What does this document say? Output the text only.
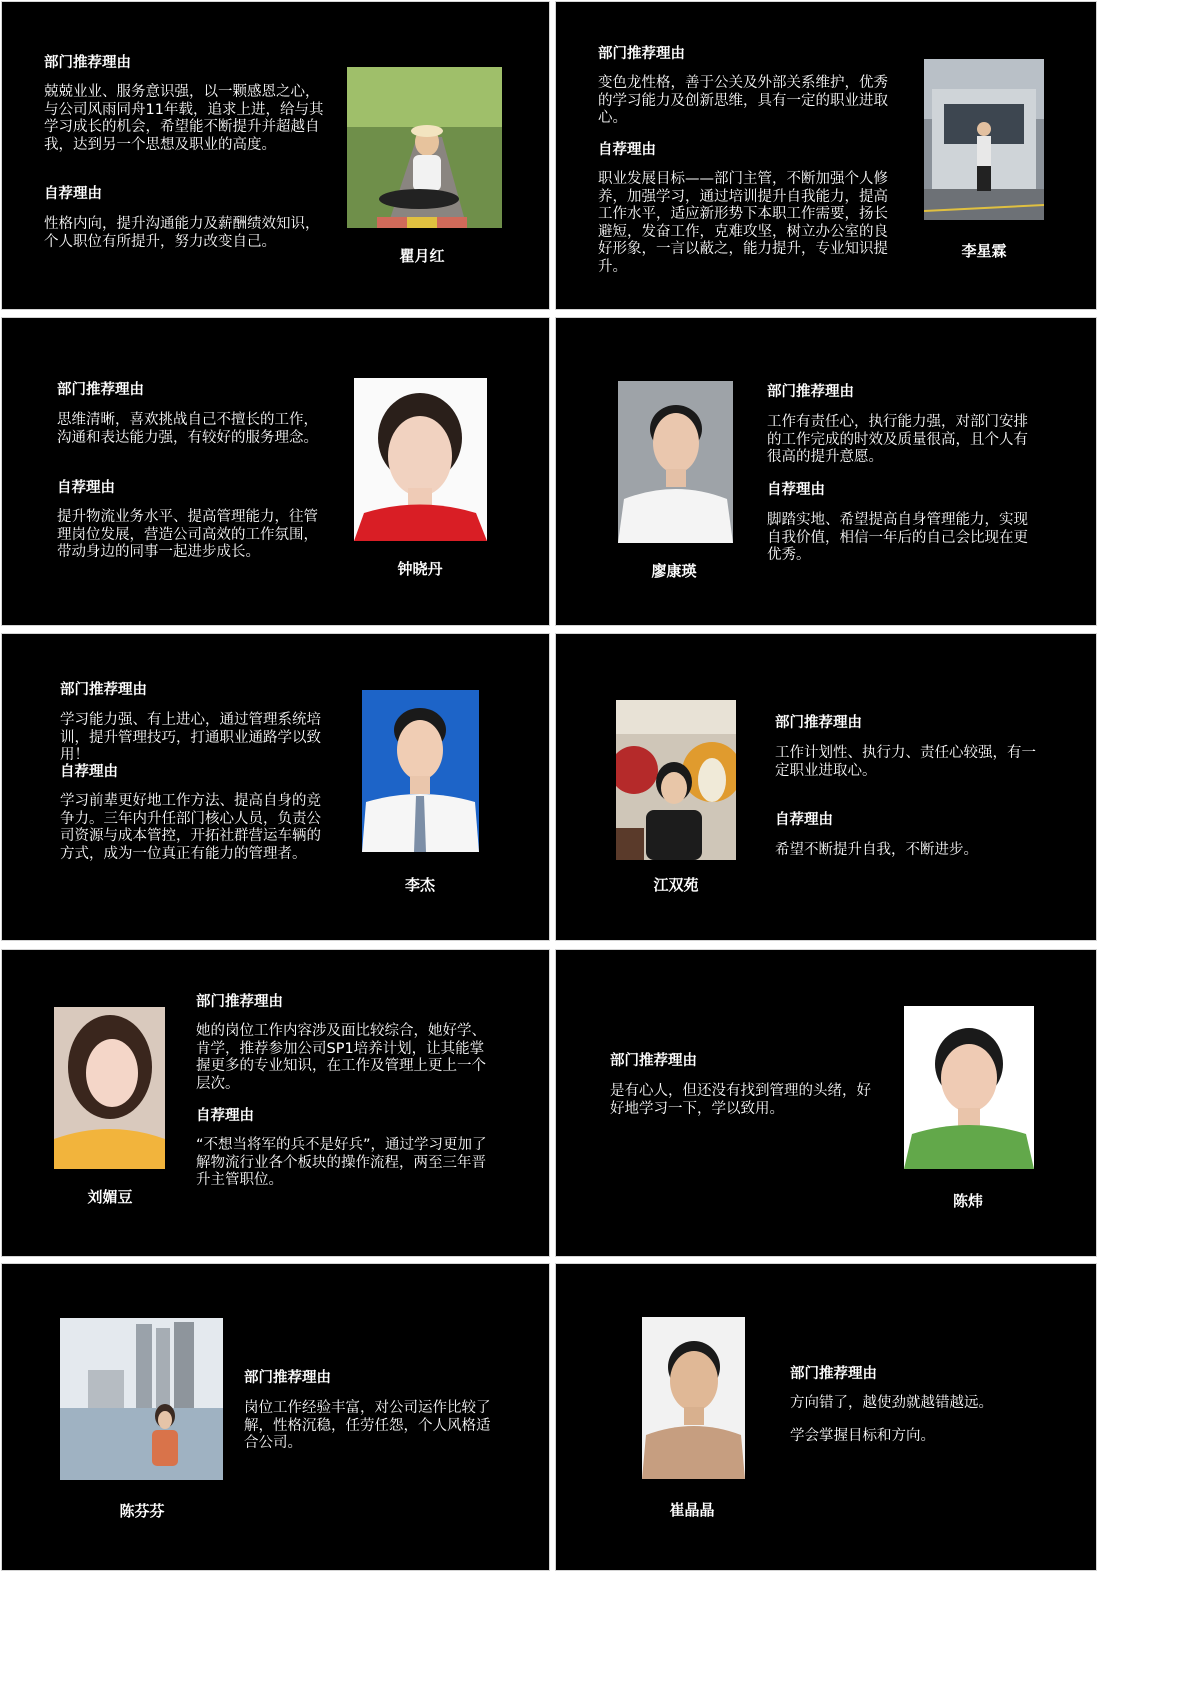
部门推荐理由
兢兢业业、服务意识强，以一颗感恩之心，与公司风雨同舟11年载，追求上进，给与其学习成长的机会，希望能不断提升并超越自我，达到另一个思想及职业的高度。
自荐理由
性格内向，提升沟通能力及薪酬绩效知识，个人职位有所提升，努力改变自己。
瞿月红
部门推荐理由
变色龙性格，善于公关及外部关系维护，优秀的学习能力及创新思维，具有一定的职业进取心。
自荐理由
职业发展目标——部门主管，不断加强个人修养，加强学习，通过培训提升自我能力，提高工作水平，适应新形势下本职工作需要，扬长避短，发奋工作，克难攻坚，树立办公室的良好形象，一言以蔽之，能力提升，专业知识提升。
李星霖
部门推荐理由
思维清晰，喜欢挑战自己不擅长的工作，沟通和表达能力强，有较好的服务理念。
自荐理由
提升物流业务水平、提高管理能力，往管理岗位发展，营造公司高效的工作氛围，带动身边的同事一起进步成长。
钟晓丹	廖康瑛
部门推荐理由
工作有责任心，执行能力强，对部门安排的工作完成的时效及质量很高，且个人有很高的提升意愿。
自荐理由
脚踏实地、希望提高自身管理能力，实现自我价值，相信一年后的自己会比现在更优秀。
部门推荐理由
学习能力强、有上进心，通过管理系统培训，提升管理技巧，打通职业通路学以致用！
自荐理由
学习前辈更好地工作方法、提高自身的竞争力。三年内升任部门核心人员，负责公司资源与成本管控，开拓社群营运车辆的方式，成为一位真正有能力的管理者。
李杰	江双苑
部门推荐理由
工作计划性、执行力、责任心较强，有一定职业进取心。
自荐理由
希望不断提升自我，不断进步。
刘媚豆
部门推荐理由
她的岗位工作内容涉及面比较综合，她好学、肯学，推荐参加公司SP1培养计划，让其能掌握更多的专业知识，在工作及管理上更上一个层次。
自荐理由
“不想当将军的兵不是好兵”，通过学习更加了解物流行业各个板块的操作流程，两至三年晋升主管职位。
部门推荐理由
是有心人，但还没有找到管理的头绪，好好地学习一下，学以致用。
陈炜
陈芬芬
部门推荐理由
岗位工作经验丰富，对公司运作比较了解，性格沉稳，任劳任怨，个人风格适合公司。
崔晶晶
部门推荐理由
方向错了，越使劲就越错越远。
学会掌握目标和方向。
